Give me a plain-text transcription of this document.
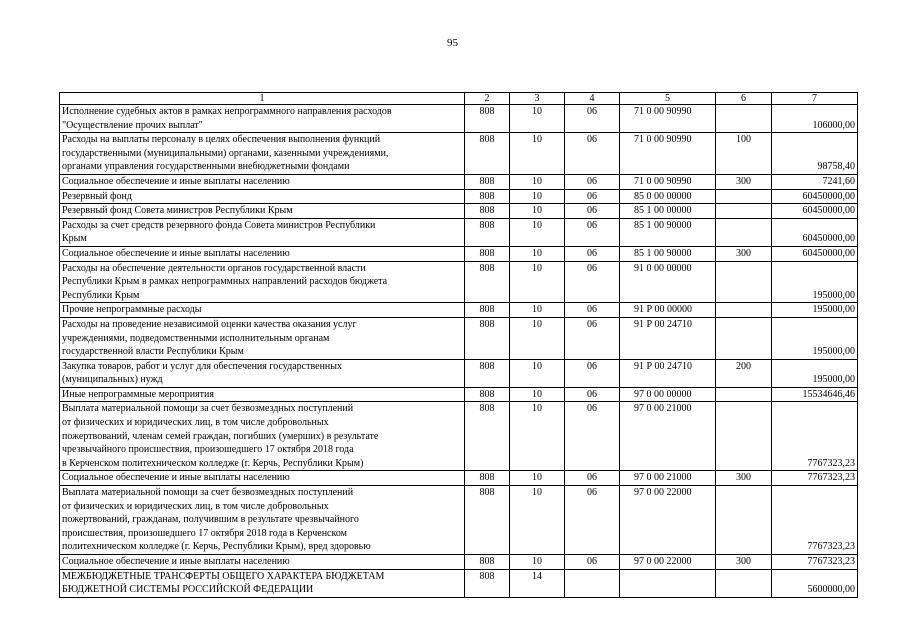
95
1	2	3	4	5	6	7
Исполнение судебных актов в рамках непрограммного направления расходов
"Осуществление прочих выплат"	808	10	06	71 0 00 90990		106000,00
Расходы на выплаты персоналу в целях обеспечения выполнения функций
государственными (муниципальными) органами, казенными учреждениями,
органами управления государственными внебюджетными фондами	808	10	06	71 0 00 90990	100	98758,40
Социальное обеспечение и иные выплаты населению	808	10	06	71 0 00 90990	300	7241,60
Резервный фонд	808	10	06	85 0 00 00000		60450000,00
Резервный фонд Совета министров Республики Крым	808	10	06	85 1 00 00000		60450000,00
Расходы за счет средств резервного фонда Совета министров Республики
Крым	808	10	06	85 1 00 90000		60450000,00
Социальное обеспечение и иные выплаты населению	808	10	06	85 1 00 90000	300	60450000,00
Расходы на обеспечение деятельности органов государственной власти
Республики Крым в рамках непрограммных направлений расходов бюджета
Республики Крым	808	10	06	91 0 00 00000		195000,00
Прочие непрограммные расходы	808	10	06	91 Р 00 00000		195000,00
Расходы на проведение независимой оценки качества оказания услуг
учреждениями, подведомственными исполнительным органам
государственной власти Республики Крым	808	10	06	91 Р 00 24710		195000,00
Закупка товаров, работ и услуг для обеспечения государственных
(муниципальных) нужд	808	10	06	91 Р 00 24710	200	195000,00
Иные непрограммные мероприятия	808	10	06	97 0 00 00000		15534646,46
Выплата материальной помощи за счет безвозмездных поступлений
от физических и юридических лиц, в том числе добровольных
пожертвований, членам семей граждан, погибших (умерших) в результате
чрезвычайного происшествия, произошедшего 17 октября 2018 года
в Керченском политехническом колледже (г. Керчь, Республики Крым)	808	10	06	97 0 00 21000		7767323,23
Социальное обеспечение и иные выплаты населению	808	10	06	97 0 00 21000	300	7767323,23
Выплата материальной помощи за счет безвозмездных поступлений
от физических и юридических лиц, в том числе добровольных
пожертвований, гражданам, получившим в результате чрезвычайного
происшествия, произошедшего 17 октября 2018 года в Керченском
политехническом колледже (г. Керчь, Республики Крым), вред здоровью	808	10	06	97 0 00 22000		7767323,23
Социальное обеспечение и иные выплаты населению	808	10	06	97 0 00 22000	300	7767323,23
МЕЖБЮДЖЕТНЫЕ ТРАНСФЕРТЫ ОБЩЕГО ХАРАКТЕРА БЮДЖЕТАМ
БЮДЖЕТНОЙ СИСТЕМЫ РОССИЙСКОЙ ФЕДЕРАЦИИ	808	14				5600000,00
